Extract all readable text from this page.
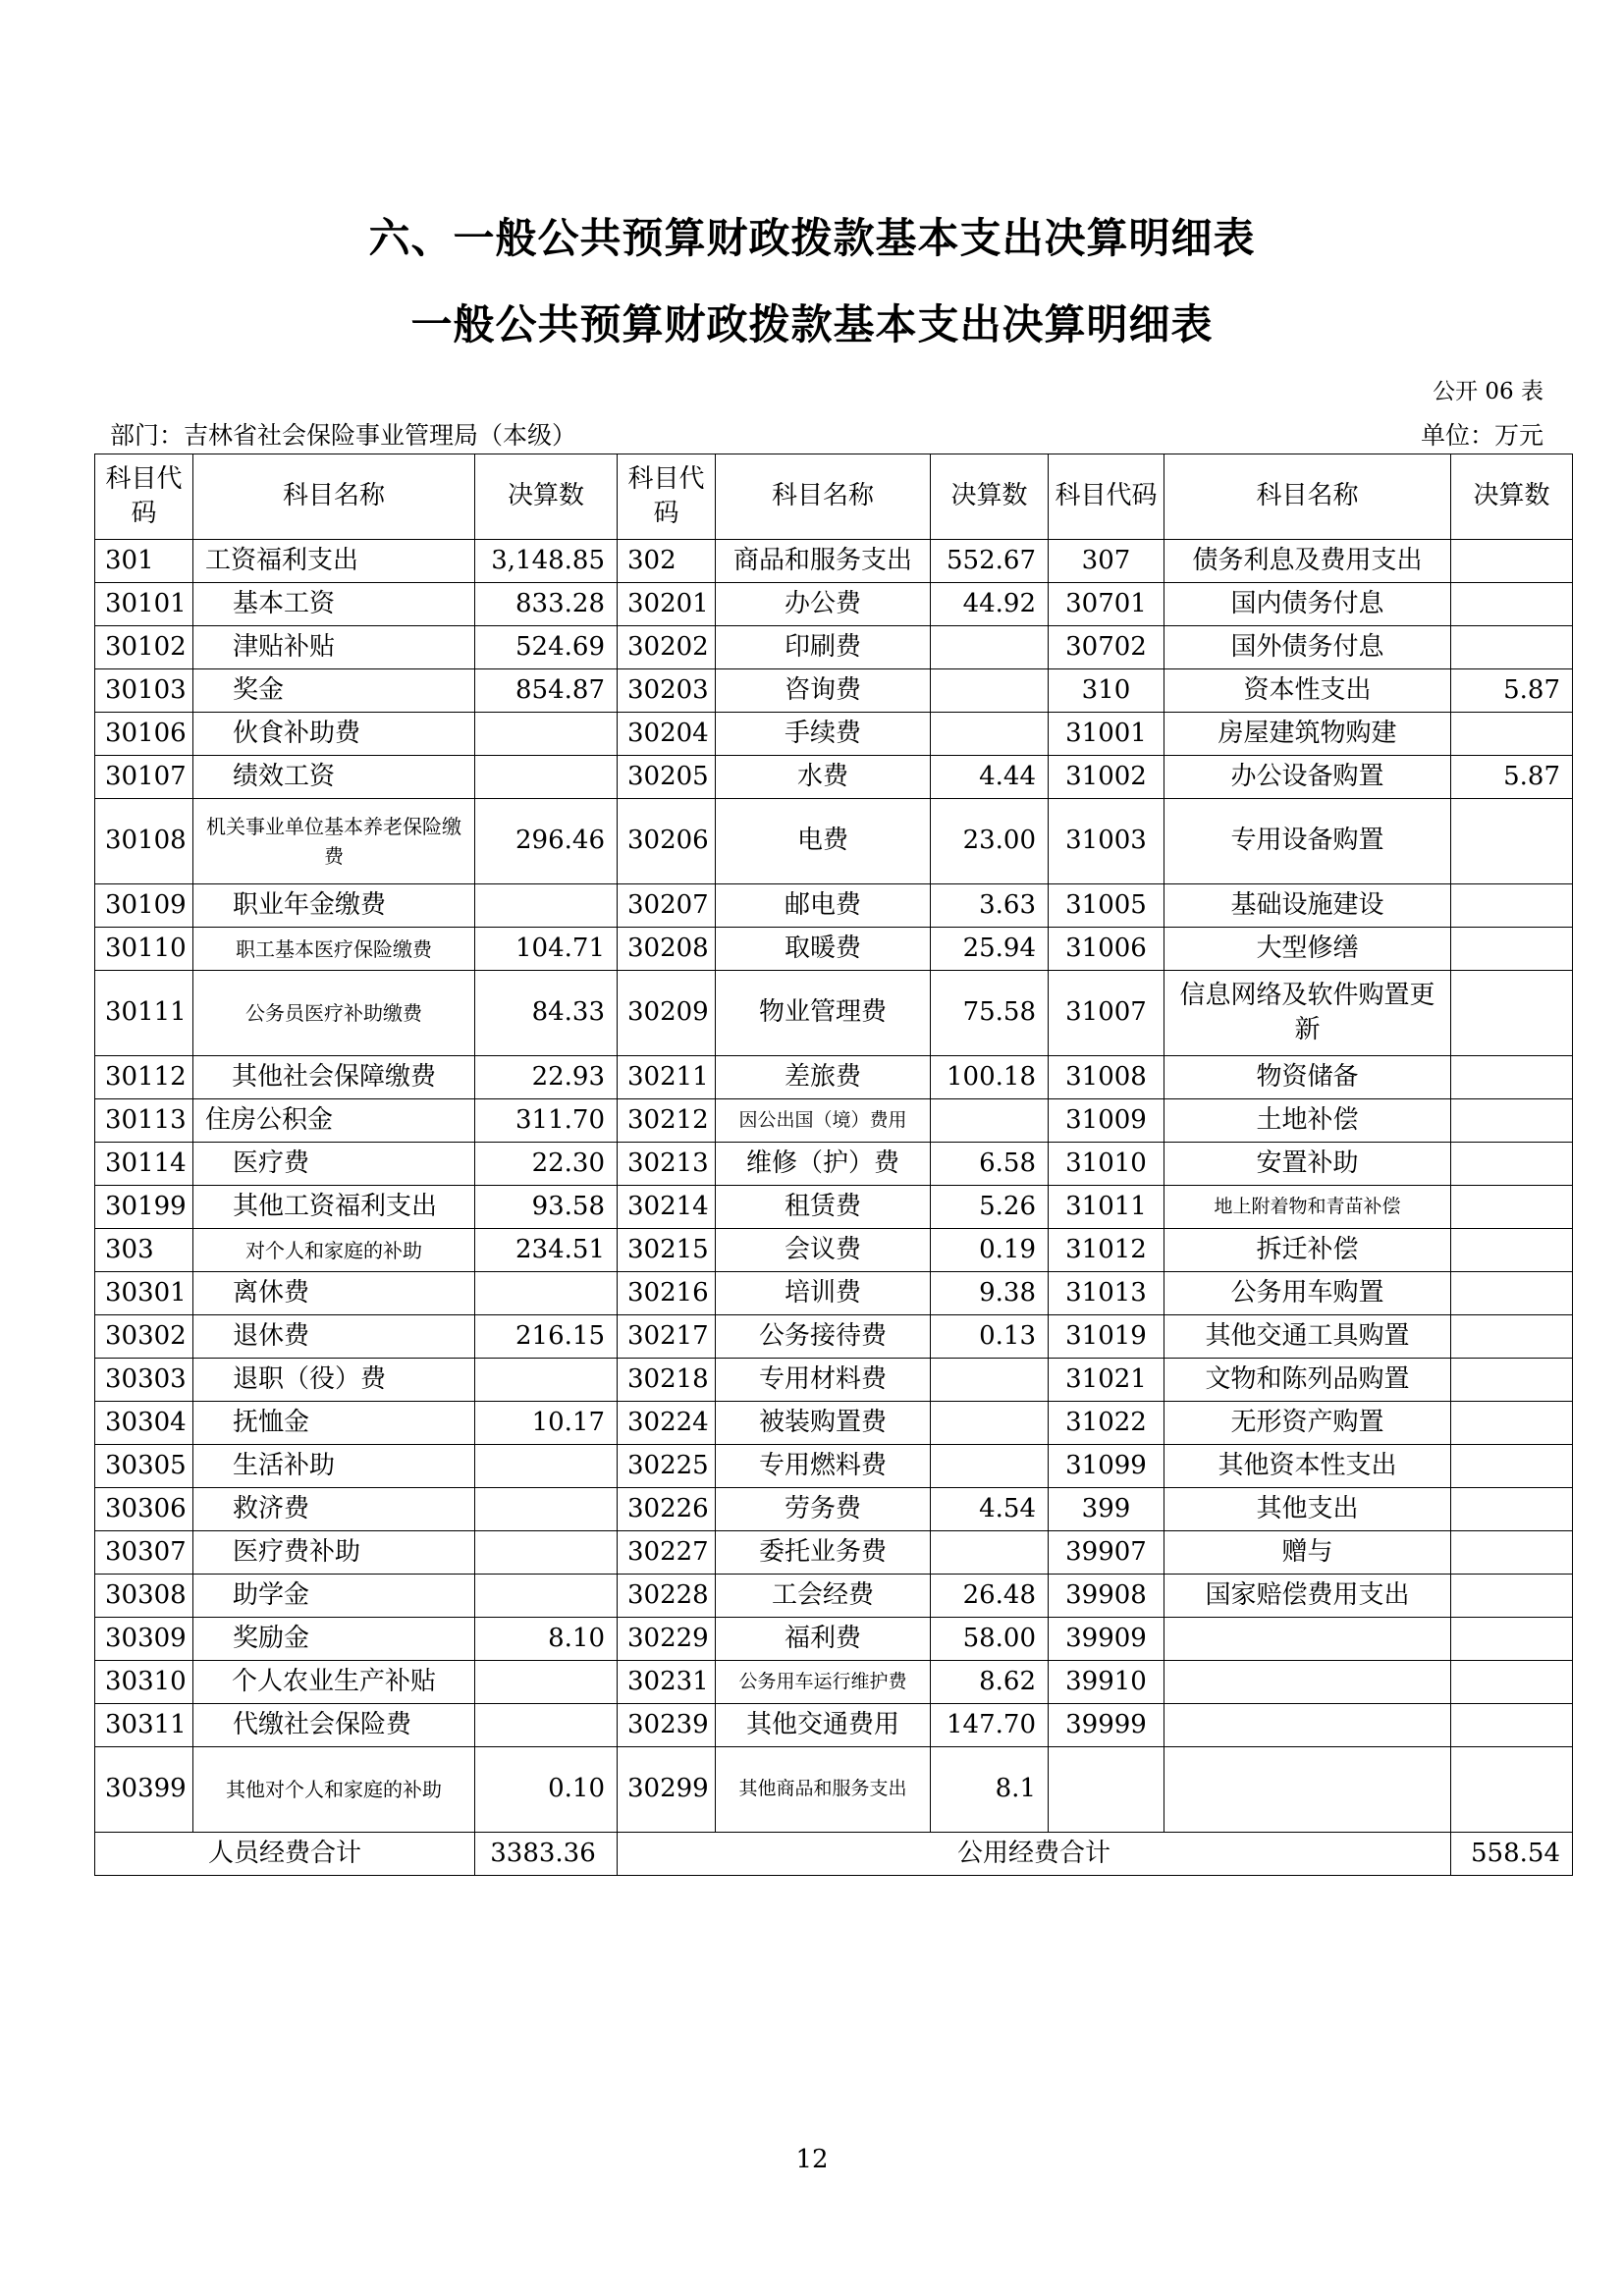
六、一般公共预算财政拨款基本支出决算明细表
一般公共预算财政拨款基本支出决算明细表
公开 06 表
部门：吉林省社会保险事业管理局（本级）	单位：万元
科目代码	科目名称	决算数	科目代码	科目名称	决算数	科目代码	科目名称	决算数
301	工资福利支出	3,148.85	302	商品和服务支出	552.67	307	债务利息及费用支出	
30101	基本工资	833.28	30201	办公费	44.92	30701	国内债务付息	
30102	津贴补贴	524.69	30202	印刷费		30702	国外债务付息	
30103	奖金	854.87	30203	咨询费		310	资本性支出	5.87
30106	伙食补助费		30204	手续费		31001	房屋建筑物购建	
30107	绩效工资		30205	水费	4.44	31002	办公设备购置	5.87
30108	机关事业单位基本养老保险缴费	296.46	30206	电费	23.00	31003	专用设备购置	
30109	职业年金缴费		30207	邮电费	3.63	31005	基础设施建设	
30110	职工基本医疗保险缴费	104.71	30208	取暖费	25.94	31006	大型修缮	
30111	公务员医疗补助缴费	84.33	30209	物业管理费	75.58	31007	信息网络及软件购置更新	
30112	其他社会保障缴费	22.93	30211	差旅费	100.18	31008	物资储备	
30113	住房公积金	311.70	30212	因公出国（境）费用		31009	土地补偿	
30114	医疗费	22.30	30213	维修（护）费	6.58	31010	安置补助	
30199	其他工资福利支出	93.58	30214	租赁费	5.26	31011	地上附着物和青苗补偿	
303	对个人和家庭的补助	234.51	30215	会议费	0.19	31012	拆迁补偿	
30301	离休费		30216	培训费	9.38	31013	公务用车购置	
30302	退休费	216.15	30217	公务接待费	0.13	31019	其他交通工具购置	
30303	退职（役）费		30218	专用材料费		31021	文物和陈列品购置	
30304	抚恤金	10.17	30224	被装购置费		31022	无形资产购置	
30305	生活补助		30225	专用燃料费		31099	其他资本性支出	
30306	救济费		30226	劳务费	4.54	399	其他支出	
30307	医疗费补助		30227	委托业务费		39907	赠与	
30308	助学金		30228	工会经费	26.48	39908	国家赔偿费用支出	
30309	奖励金	8.10	30229	福利费	58.00	39909		
30310	个人农业生产补贴		30231	公务用车运行维护费	8.62	39910		
30311	代缴社会保险费		30239	其他交通费用	147.70	39999		
30399	其他对个人和家庭的补助	0.10	30299	其他商品和服务支出	8.1			
人员经费合计		3383.36	公用经费合计					558.54
12
